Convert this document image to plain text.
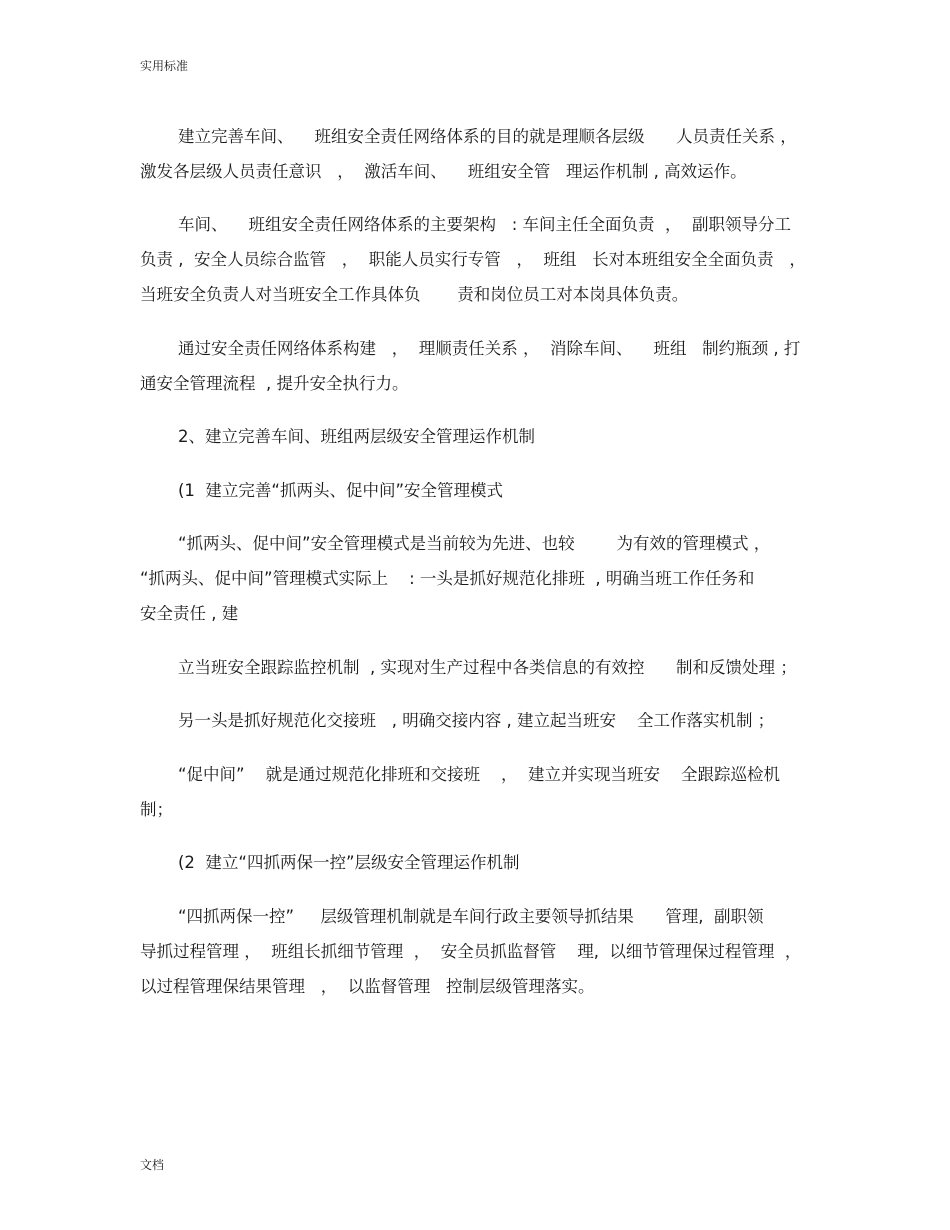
实用标准
建立完善车间、    班组安全责任网络体系的目的就是理顺各层级      人员责任关系 ，
激发各层级人员责任意识   ，  激活车间、    班组安全管   理运作机制 , 高效运作。
车间、    班组安全责任网络体系的主要架构   : 车间主任全面负责  ，  副职领导分工
负责 ,  安全人员综合监管   ，  职能人员实行专管   ，  班组   长对本班组安全全面负责   ，
当班安全负责人对当班安全工作具体负       责和岗位员工对本岗具体负责。
通过安全责任网络体系构建   ，  理顺责任关系 ，  消除车间、    班组   制约瓶颈 , 打
通安全管理流程  , 提升安全执行力。
2、建立完善车间、班组两层级安全管理运作机制
(1  建立完善“抓两头、促中间”安全管理模式
“抓两头、促中间”安全管理模式是当前较为先进、也较        为有效的管理模式 ，
“抓两头、促中间”管理模式实际上    : 一头是抓好规范化排班  , 明确当班工作任务和
安全责任 , 建
立当班安全跟踪监控机制  , 实现对生产过程中各类信息的有效控      制和反馈处理 ；
另一头是抓好规范化交接班   , 明确交接内容 , 建立起当班安    全工作落实机制 ；
“促中间”    就是通过规范化排班和交接班    ，  建立并实现当班安    全跟踪巡检机
制；
(2  建立“四抓两保一控”层级安全管理运作机制
“四抓两保一控”     层级管理机制就是车间行政主要领导抓结果      管理,  副职领
导抓过程管理 ，  班组长抓细节管理  ，  安全员抓监督管    理,  以细节管理保过程管理  ，
以过程管理保结果管理   ，  以监督管理   控制层级管理落实。
文档
